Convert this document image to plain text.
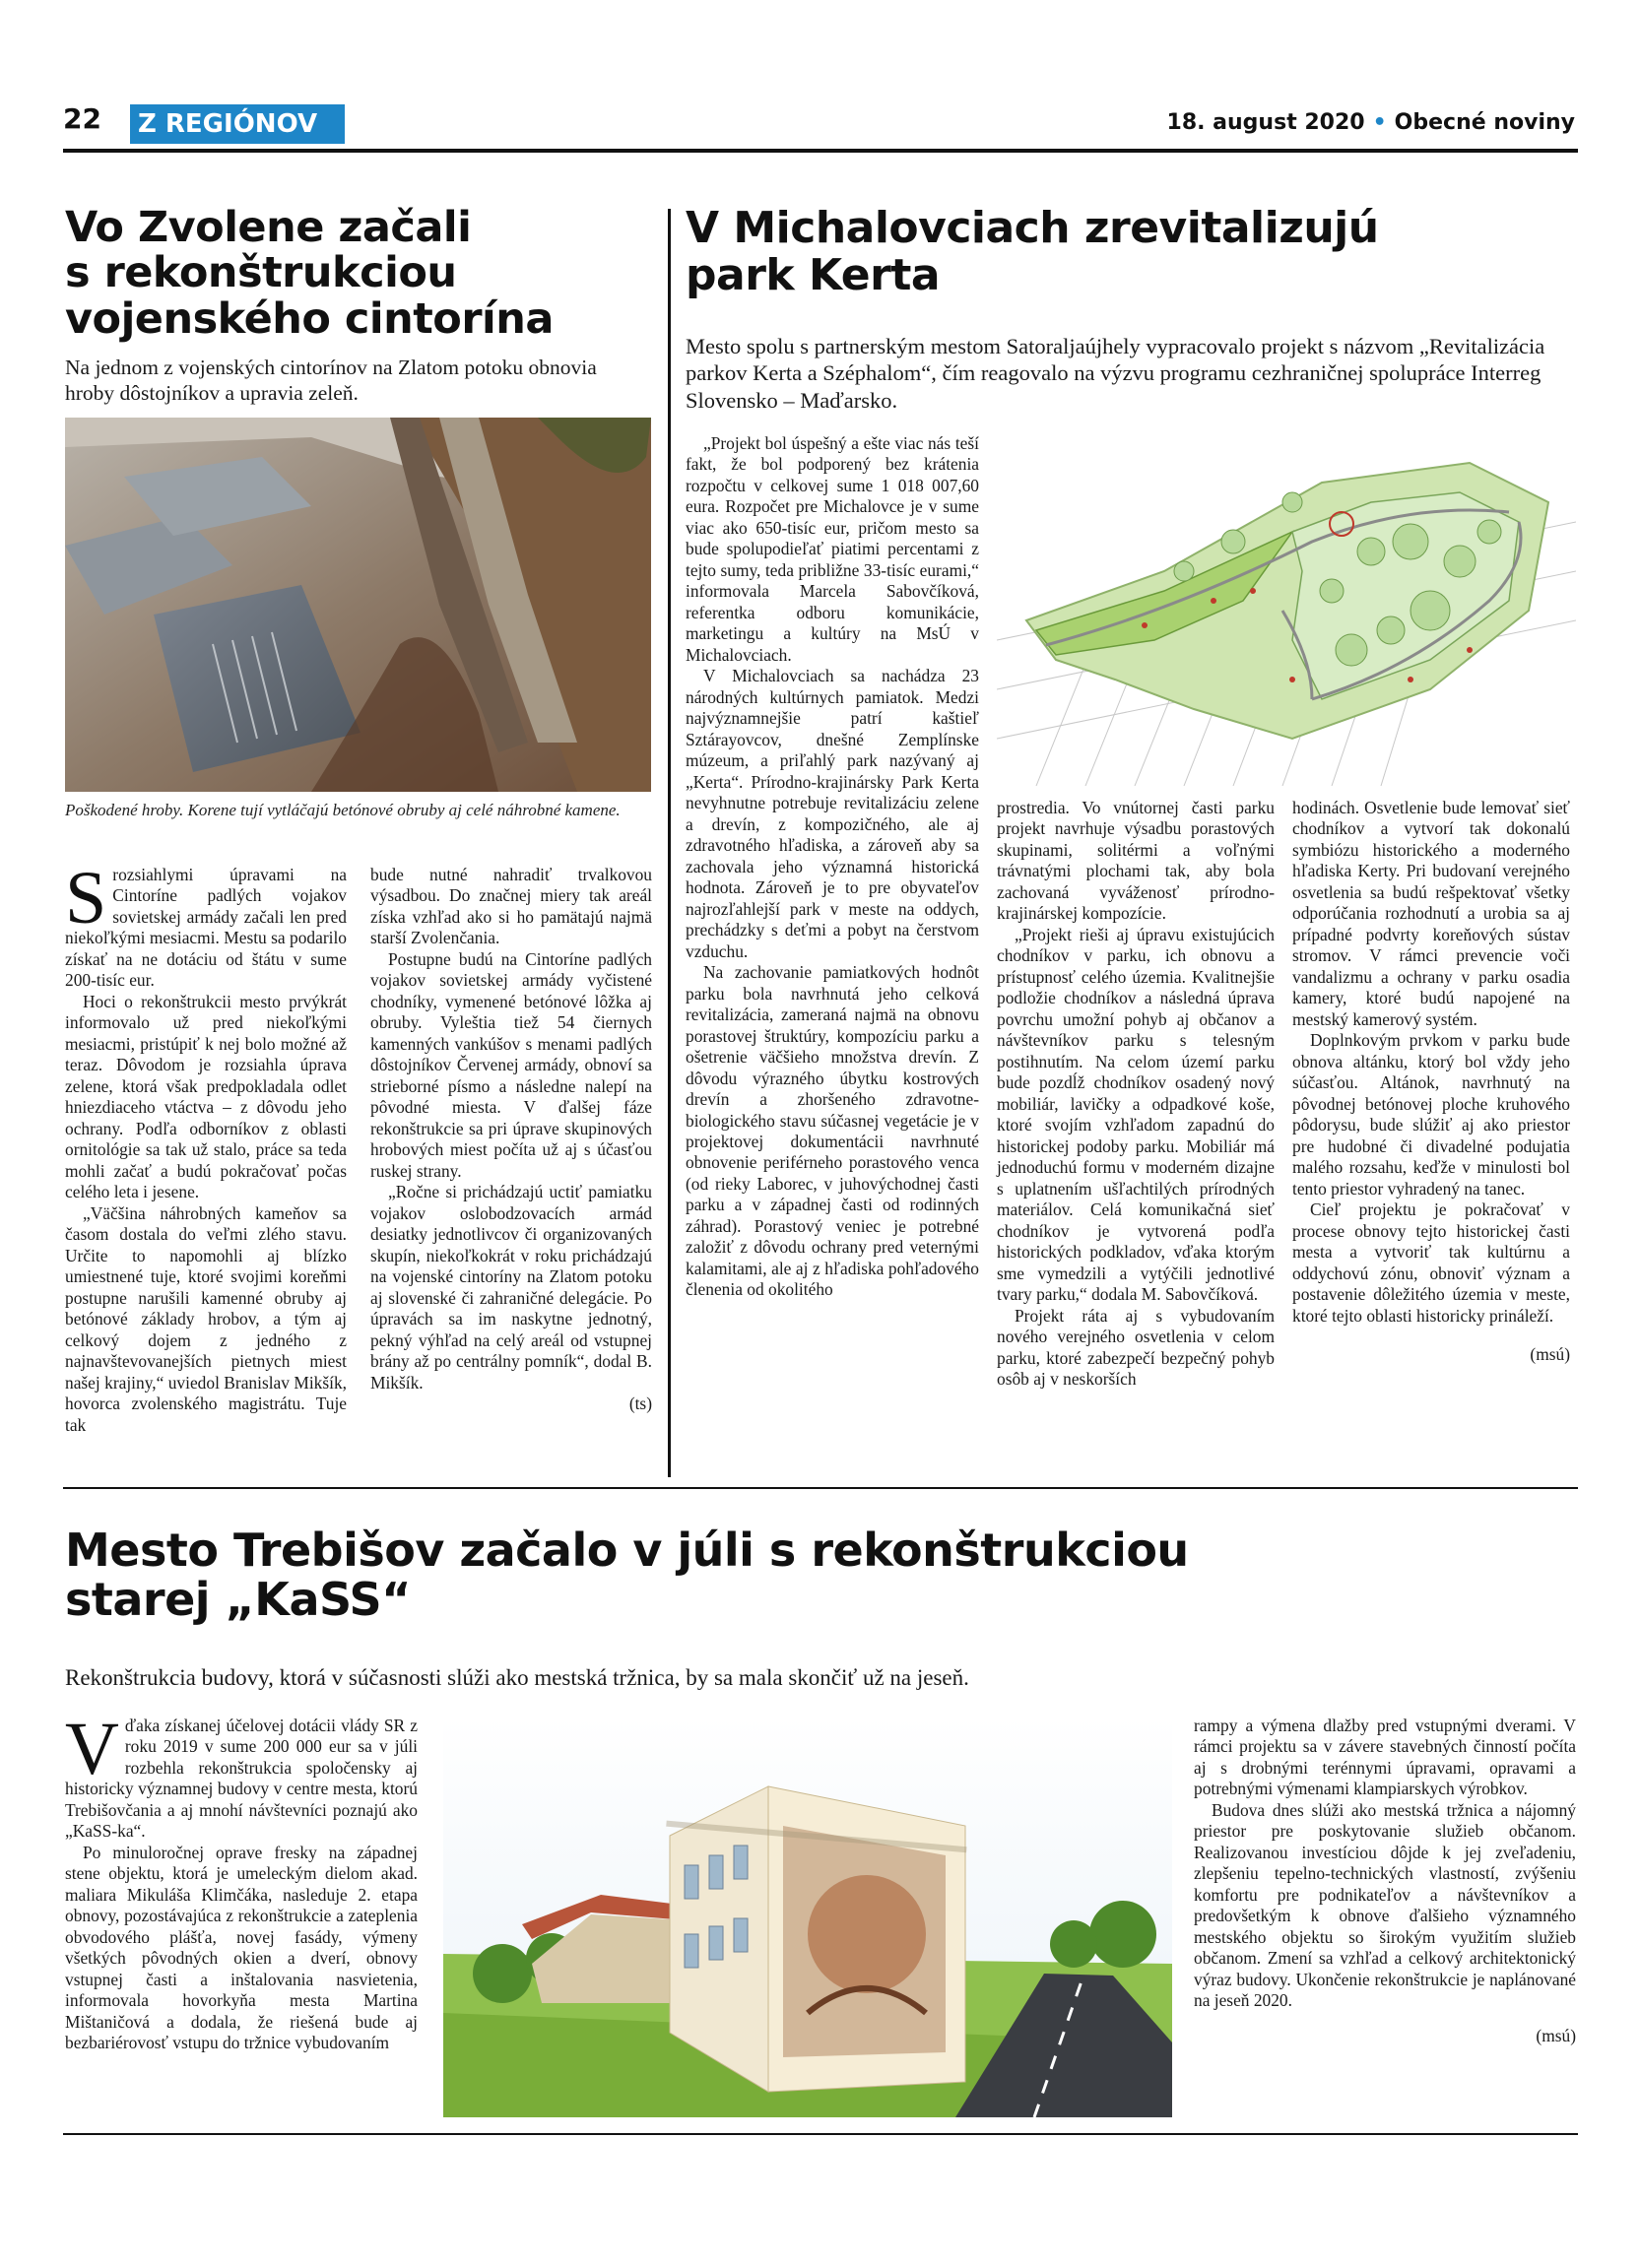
22	Z REGIÓNOV	18. august 2020 • Obecné noviny
Vo Zvolene začali
s rekonštrukciou
vojenského cintorína

Na jednom z vojenských cintorínov na Zlatom potoku obnovia hroby dôstojníkov a upravia zeleň.

Poškodené hroby. Korene tují vytláčajú betónové obruby aj celé náhrobné kamene.

Srozsiahlymi úpravami na Cintoríne padlých vojakov sovietskej armády začali len pred niekoľkými mesiacmi. Mestu sa podarilo získať na ne dotáciu od štátu v sume 200-tisíc eur.

Hoci o rekonštrukcii mesto prvýkrát informovalo už pred niekoľkými mesiacmi, pristúpiť k nej bolo možné až teraz. Dôvodom je rozsiahla úprava zelene, ktorá však predpokladala odlet hniezdiaceho vtáctva – z dôvodu jeho ochrany. Podľa odborníkov z oblasti ornitológie sa tak už stalo, práce sa teda mohli začať a budú pokračovať počas celého leta i jesene.

„Väčšina náhrobných kameňov sa časom dostala do veľmi zlého stavu. Určite to napomohli aj blízko umiestnené tuje, ktoré svojimi koreňmi postupne narušili kamenné obruby aj betónové základy hrobov, a tým aj celkový dojem z jedného z najnavštevovanejších pietnych miest našej krajiny,“ uviedol Branislav Mikšík, hovorca zvolenského magistrátu. Tuje tak

bude nutné nahradiť trvalkovou výsadbou. Do značnej miery tak areál získa vzhľad ako si ho pamätajú najmä starší Zvolenčania.

Postupne budú na Cintoríne padlých vojakov sovietskej armády vyčistené chodníky, vymenené betónové lôžka aj obruby. Vyleštia tiež 54 čiernych kamenných vankúšov s menami padlých dôstojníkov Červenej armády, obnoví sa strieborné písmo a následne nalepí na pôvodné miesta. V ďalšej fáze rekonštrukcie sa pri úprave skupinových hrobových miest počíta už aj s účasťou ruskej strany.

„Ročne si prichádzajú uctiť pamiatku vojakov oslobodzovacích armád desiatky jednotlivcov či organizovaných skupín, niekoľkokrát v roku prichádzajú na vojenské cintoríny na Zlatom potoku aj slovenské či zahraničné delegácie. Po úpravách sa im naskytne jednotný, pekný výhľad na celý areál od vstupnej brány až po centrálny pomník“, dodal B. Mikšík.

(ts)

V Michalovciach zrevitalizujú
park Kerta

Mesto spolu s partnerským mestom Satoraljaújhely vypracovalo projekt s názvom „Revitalizácia parkov Kerta a Széphalom“, čím reagovalo na výzvu programu cezhraničnej spolupráce Interreg Slovensko – Maďarsko.

„Projekt bol úspešný a ešte viac nás teší fakt, že bol podporený bez krátenia rozpočtu v celkovej sume 1 018 007,60 eura. Rozpočet pre Michalovce je v sume viac ako 650-tisíc eur, pričom mesto sa bude spolupodieľať piatimi percentami z tejto sumy, teda približne 33-tisíc eurami,“ informovala Marcela Sabovčíková, referentka odboru komunikácie, marketingu a kultúry na MsÚ v Michalovciach.

V Michalovciach sa nachádza 23 národných kultúrnych pamiatok. Medzi najvýznamnejšie patrí kaštieľ Sztárayovcov, dnešné Zemplínske múzeum, a priľahlý park nazývaný aj „Kerta“. Prírodno-krajinársky Park Kerta nevyhnutne potrebuje revitalizáciu zelene a drevín, z kompozičného, ale aj zdravotného hľadiska, a zároveň aby sa zachovala jeho významná historická hodnota. Zároveň je to pre obyvateľov najrozľahlejší park v meste na oddych, prechádzky s deťmi a pobyt na čerstvom vzduchu.

Na zachovanie pamiatkových hodnôt parku bola navrhnutá jeho celková revitalizácia, zameraná najmä na obnovu porastovej štruktúry, kompozíciu parku a ošetrenie väčšieho množstva drevín. Z dôvodu výrazného úbytku kostrových drevín a zhoršeného zdravotne-biologického stavu súčasnej vegetácie je v projektovej dokumentácii navrhnuté obnovenie periférneho porastového venca (od rieky Laborec, v juhovýchodnej časti parku a v západnej časti od rodinných záhrad). Porastový veniec je potrebné založiť z dôvodu ochrany pred veternými kalamitami, ale aj z hľadiska pohľadového členenia od okolitého

prostredia. Vo vnútornej časti parku projekt navrhuje výsadbu porastových skupinami, solitérmi a voľnými trávnatými plochami tak, aby bola zachovaná vyváženosť prírodno-krajinárskej kompozície.

„Projekt rieši aj úpravu existujúcich chodníkov v parku, ich obnovu a prístupnosť celého územia. Kvalitnejšie podložie chodníkov a následná úprava povrchu umožní pohyb aj občanov a návštevníkov parku s telesným postihnutím. Na celom území parku bude pozdĺž chodníkov osadený nový mobiliár, lavičky a odpadkové koše, ktoré svojím vzhľadom zapadnú do historickej podoby parku. Mobiliár má jednoduchú formu v moderném dizajne s uplatnením ušľachtilých prírodných materiálov. Celá komunikačná sieť chodníkov je vytvorená podľa historických podkladov, vďaka ktorým sme vymedzili a vytýčili jednotlivé tvary parku,“ dodala M. Sabovčíková.

Projekt ráta aj s vybudovaním nového verejného osvetlenia v celom parku, ktoré zabezpečí bezpečný pohyb osôb aj v neskorších

hodinách. Osvetlenie bude lemovať sieť chodníkov a vytvorí tak dokonalú symbiózu historického a moderného hľadiska Kerty. Pri budovaní verejného osvetlenia sa budú rešpektovať všetky odporúčania rozhodnutí a urobia sa aj prípadné podvrty koreňových sústav stromov. V rámci prevencie voči vandalizmu a ochrany v parku osadia kamery, ktoré budú napojené na mestský kamerový systém.

Doplnkovým prvkom v parku bude obnova altánku, ktorý bol vždy jeho súčasťou. Altánok, navrhnutý na pôvodnej betónovej ploche kruhového pôdorysu, bude slúžiť aj ako priestor pre hudobné či divadelné podujatia malého rozsahu, keďže v minulosti bol tento priestor vyhradený na tanec.

Cieľ projektu je pokračovať v procese obnovy tejto historickej časti mesta a vytvoriť tak kultúrnu a oddychovú zónu, obnoviť význam a postavenie dôležitého územia v meste, ktoré tejto oblasti historicky prináleží.

(msú)

Mesto Trebišov začalo v júli s rekonštrukciou
starej „KaSS“

Rekonštrukcia budovy, ktorá v súčasnosti slúži ako mestská tržnica, by sa mala skončiť už na jeseň.

Vďaka získanej účelovej dotácii vlády SR z roku 2019 v sume 200 000 eur sa v júli rozbehla rekonštrukcia spoločensky aj historicky významnej budovy v centre mesta, ktorú Trebišovčania a aj mnohí návštevníci poznajú ako „KaSS-ka“.

Po minuloročnej oprave fresky na západnej stene objektu, ktorá je umeleckým dielom akad. maliara Mikuláša Klimčáka, nasleduje 2. etapa obnovy, pozostávajúca z rekonštrukcie a zateplenia obvodového plášťa, novej fasády, výmeny všetkých pôvodných okien a dverí, obnovy vstupnej časti a inštalovania nasvietenia, informovala hovorkyňa mesta Martina Mištaničová a dodala, že riešená bude aj bezbariérovosť vstupu do tržnice vybudovaním

rampy a výmena dlažby pred vstupnými dverami. V rámci projektu sa v závere stavebných činností počíta aj s drobnými terénnymi úpravami, opravami a potrebnými výmenami klampiarskych výrobkov.

Budova dnes slúži ako mestská tržnica a nájomný priestor pre poskytovanie služieb občanom. Realizovanou investíciou dôjde k jej zveľadeniu, zlepšeniu tepelno-technických vlastností, zvýšeniu komfortu pre podnikateľov a návštevníkov a predovšetkým k obnove ďalšieho významného mestského objektu so širokým využitím služieb občanom. Zmení sa vzhľad a celkový architektonický výraz budovy. Ukončenie rekonštrukcie je naplánované na jeseň 2020.

(msú)
